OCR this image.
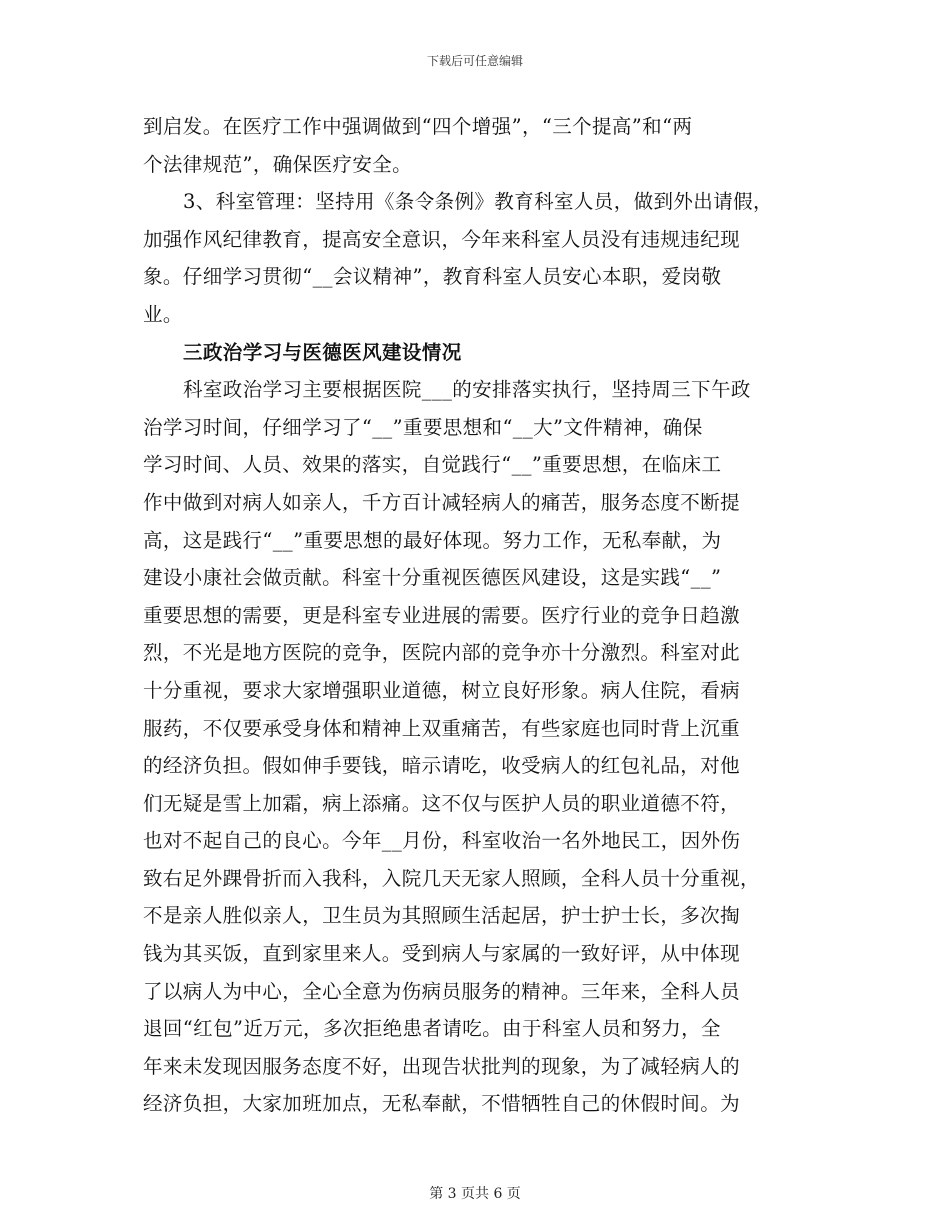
下载后可任意编辑
到启发。在医疗工作中强调做到“四个增强”，“三个提高”和“两
个法律规范”，确保医疗安全。
3、科室管理：坚持用《条令条例》教育科室人员，做到外出请假，
加强作风纪律教育，提高安全意识，今年来科室人员没有违规违纪现
象。仔细学习贯彻“__会议精神”，教育科室人员安心本职，爱岗敬
业。
三政治学习与医德医风建设情况
科室政治学习主要根据医院___的安排落实执行，坚持周三下午政
治学习时间，仔细学习了“__”重要思想和“__大”文件精神，确保
学习时间、人员、效果的落实，自觉践行“__”重要思想，在临床工
作中做到对病人如亲人，千方百计减轻病人的痛苦，服务态度不断提
高，这是践行“__”重要思想的最好体现。努力工作，无私奉献，为
建设小康社会做贡献。科室十分重视医德医风建设，这是实践“__”
重要思想的需要，更是科室专业进展的需要。医疗行业的竞争日趋激
烈，不光是地方医院的竞争，医院内部的竞争亦十分激烈。科室对此
十分重视，要求大家增强职业道德，树立良好形象。病人住院，看病
服药，不仅要承受身体和精神上双重痛苦，有些家庭也同时背上沉重
的经济负担。假如伸手要钱，暗示请吃，收受病人的红包礼品，对他
们无疑是雪上加霜，病上添痛。这不仅与医护人员的职业道德不符，
也对不起自己的良心。今年__月份，科室收治一名外地民工，因外伤
致右足外踝骨折而入我科，入院几天无家人照顾，全科人员十分重视，
不是亲人胜似亲人，卫生员为其照顾生活起居，护士护士长，多次掏
钱为其买饭，直到家里来人。受到病人与家属的一致好评，从中体现
了以病人为中心，全心全意为伤病员服务的精神。三年来，全科人员
退回“红包”近万元，多次拒绝患者请吃。由于科室人员和努力，全
年来未发现因服务态度不好，出现告状批判的现象，为了减轻病人的
经济负担，大家加班加点，无私奉献，不惜牺牲自己的休假时间。为
第 3 页共 6 页
